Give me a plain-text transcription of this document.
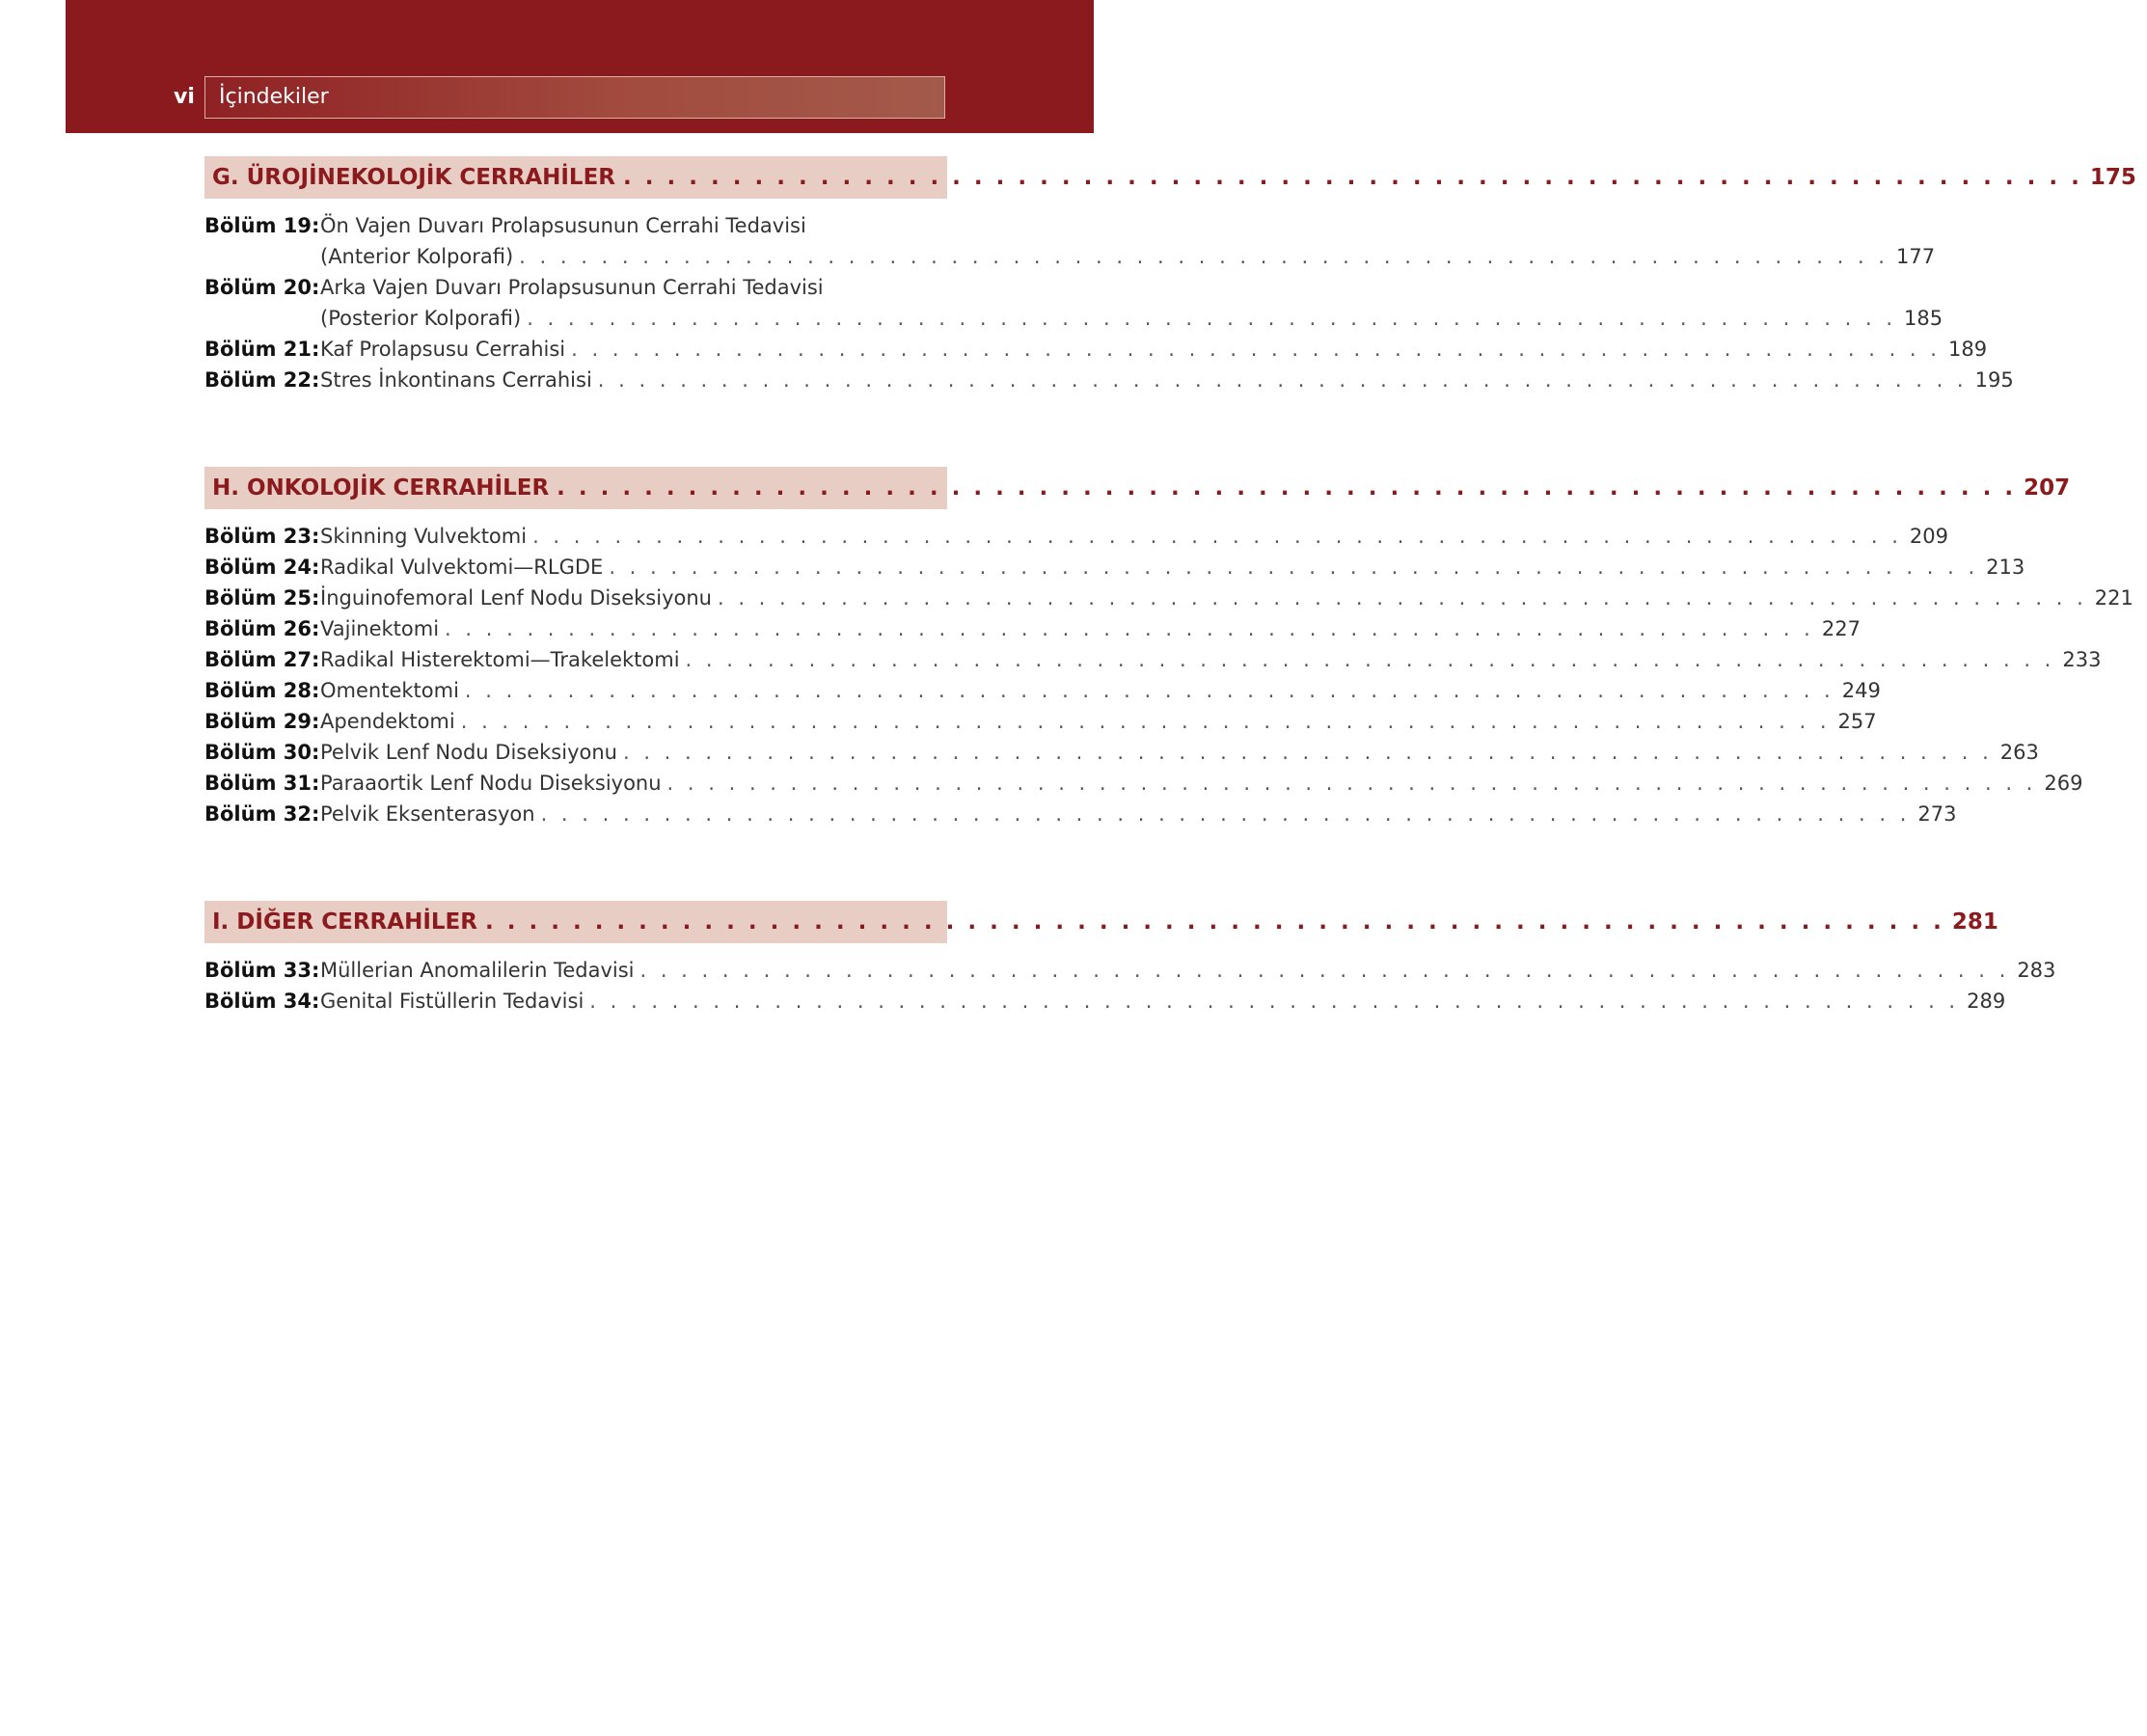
vi İçindekiler
G. ÜROJİNEKOLOJİK CERRAHİLER . . . . . . . . . . . . . . . . . . . . . . . . . . . . . . . . . . . . . . . . . . . . . . . . . . . . . . . . . . . . . . . . . . . 175
Bölüm 19: Ön Vajen Duvarı Prolapsusunun Cerrahi Tedavisi
(Anterior Kolporafi) . . . . . . . . . . . . . . . . . . . . . . . . . . . . . . . . . . . . . . . . . . . . . . . . . . . . . . . . . . . . . . . . . . . 177
Bölüm 20: Arka Vajen Duvarı Prolapsusunun Cerrahi Tedavisi
(Posterior Kolporafi) . . . . . . . . . . . . . . . . . . . . . . . . . . . . . . . . . . . . . . . . . . . . . . . . . . . . . . . . . . . . . . . . . . . 185
Bölüm 21: Kaf Prolapsusu Cerrahisi . . . . . . . . . . . . . . . . . . . . . . . . . . . . . . . . . . . . . . . . . . . . . . . . . . . . . . . . . . . . . . . . . . . 189
Bölüm 22: Stres İnkontinans Cerrahisi . . . . . . . . . . . . . . . . . . . . . . . . . . . . . . . . . . . . . . . . . . . . . . . . . . . . . . . . . . . . . . . . . . . 195
H. ONKOLOJİK CERRAHİLER . . . . . . . . . . . . . . . . . . . . . . . . . . . . . . . . . . . . . . . . . . . . . . . . . . . . . . . . . . . . . . . . . . . 207
Bölüm 23: Skinning Vulvektomi . . . . . . . . . . . . . . . . . . . . . . . . . . . . . . . . . . . . . . . . . . . . . . . . . . . . . . . . . . . . . . . . . . . 209
Bölüm 24: Radikal Vulvektomi—RLGDE . . . . . . . . . . . . . . . . . . . . . . . . . . . . . . . . . . . . . . . . . . . . . . . . . . . . . . . . . . . . . . . . . . . 213
Bölüm 25: İnguinofemoral Lenf Nodu Diseksiyonu . . . . . . . . . . . . . . . . . . . . . . . . . . . . . . . . . . . . . . . . . . . . . . . . . . . . . . . . . . . . . . . . . . . 221
Bölüm 26: Vajinektomi . . . . . . . . . . . . . . . . . . . . . . . . . . . . . . . . . . . . . . . . . . . . . . . . . . . . . . . . . . . . . . . . . . . 227
Bölüm 27: Radikal Histerektomi—Trakelektomi . . . . . . . . . . . . . . . . . . . . . . . . . . . . . . . . . . . . . . . . . . . . . . . . . . . . . . . . . . . . . . . . . . . 233
Bölüm 28: Omentektomi . . . . . . . . . . . . . . . . . . . . . . . . . . . . . . . . . . . . . . . . . . . . . . . . . . . . . . . . . . . . . . . . . . . 249
Bölüm 29: Apendektomi . . . . . . . . . . . . . . . . . . . . . . . . . . . . . . . . . . . . . . . . . . . . . . . . . . . . . . . . . . . . . . . . . . . 257
Bölüm 30: Pelvik Lenf Nodu Diseksiyonu . . . . . . . . . . . . . . . . . . . . . . . . . . . . . . . . . . . . . . . . . . . . . . . . . . . . . . . . . . . . . . . . . . . 263
Bölüm 31: Paraaortik Lenf Nodu Diseksiyonu . . . . . . . . . . . . . . . . . . . . . . . . . . . . . . . . . . . . . . . . . . . . . . . . . . . . . . . . . . . . . . . . . . . 269
Bölüm 32: Pelvik Eksenterasyon . . . . . . . . . . . . . . . . . . . . . . . . . . . . . . . . . . . . . . . . . . . . . . . . . . . . . . . . . . . . . . . . . . . 273
I. DİĞER CERRAHİLER . . . . . . . . . . . . . . . . . . . . . . . . . . . . . . . . . . . . . . . . . . . . . . . . . . . . . . . . . . . . . . . . . . . 281
Bölüm 33: Müllerian Anomalilerin Tedavisi . . . . . . . . . . . . . . . . . . . . . . . . . . . . . . . . . . . . . . . . . . . . . . . . . . . . . . . . . . . . . . . . . . . 283
Bölüm 34: Genital Fistüllerin Tedavisi . . . . . . . . . . . . . . . . . . . . . . . . . . . . . . . . . . . . . . . . . . . . . . . . . . . . . . . . . . . . . . . . . . . 289
